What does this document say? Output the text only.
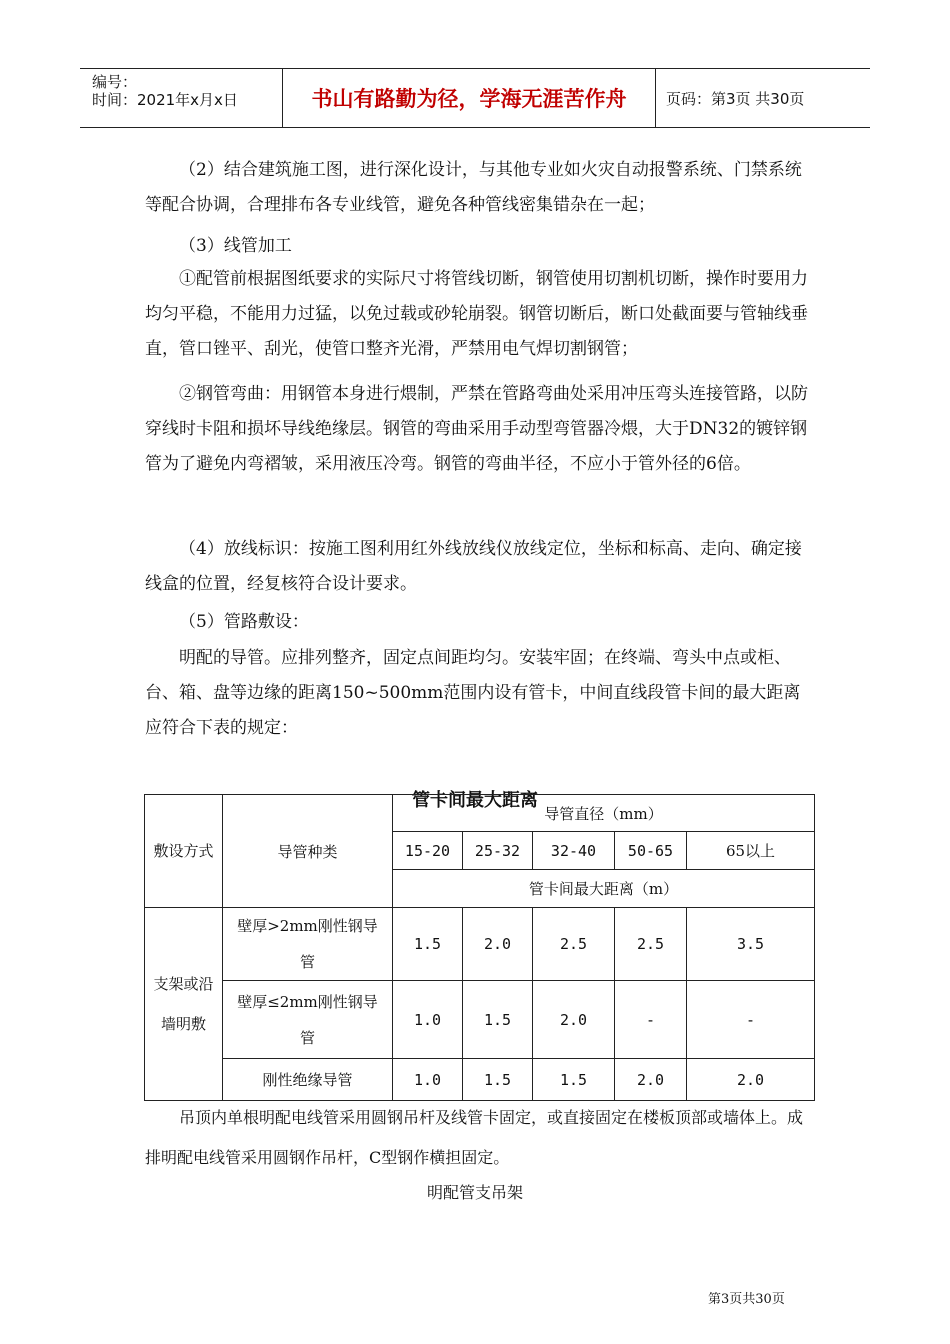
编号：
时间：2021年x月x日	书山有路勤为径，学海无涯苦作舟	页码：第3页 共30页

（2）结合建筑施工图，进行深化设计，与其他专业如火灾自动报警系统、门禁系统等配合协调，合理排布各专业线管，避免各种管线密集错杂在一起；

（3）线管加工

①配管前根据图纸要求的实际尺寸将管线切断，钢管使用切割机切断，操作时要用力均匀平稳，不能用力过猛，以免过载或砂轮崩裂。钢管切断后，断口处截面要与管轴线垂直，管口锉平、刮光，使管口整齐光滑，严禁用电气焊切割钢管；

②钢管弯曲：用钢管本身进行煨制，严禁在管路弯曲处采用冲压弯头连接管路，以防穿线时卡阻和损坏导线绝缘层。钢管的弯曲采用手动型弯管器冷煨，大于DN32的镀锌钢管为了避免内弯褶皱，采用液压冷弯。钢管的弯曲半径，不应小于管外径的6倍。

（4）放线标识：按施工图利用红外线放线仪放线定位，坐标和标高、走向、确定接线盒的位置，经复核符合设计要求。

（5）管路敷设：

明配的导管。应排列整齐，固定点间距均匀。安装牢固；在终端、弯头中点或柜、台、箱、盘等边缘的距离150~500mm范围内设有管卡，中间直线段管卡间的最大距离应符合下表的规定：

管卡间最大距离
敷设方式	导管种类	导管直径（mm）				
		15-20	25-32	32-40	50-65	65以上
		管卡间最大距离（m）				
支架或沿墙明敷	壁厚>2mm刚性钢导管	1.5	2.0	2.5	2.5	3.5
	壁厚≤2mm刚性钢导管	1.0	1.5	2.0	-	-
	刚性绝缘导管	1.0	1.5	1.5	2.0	2.0

吊顶内单根明配电线管采用圆钢吊杆及线管卡固定，或直接固定在楼板顶部或墙体上。成排明配电线管采用圆钢作吊杆，C型钢作横担固定。

明配管支吊架

第3页共30页
